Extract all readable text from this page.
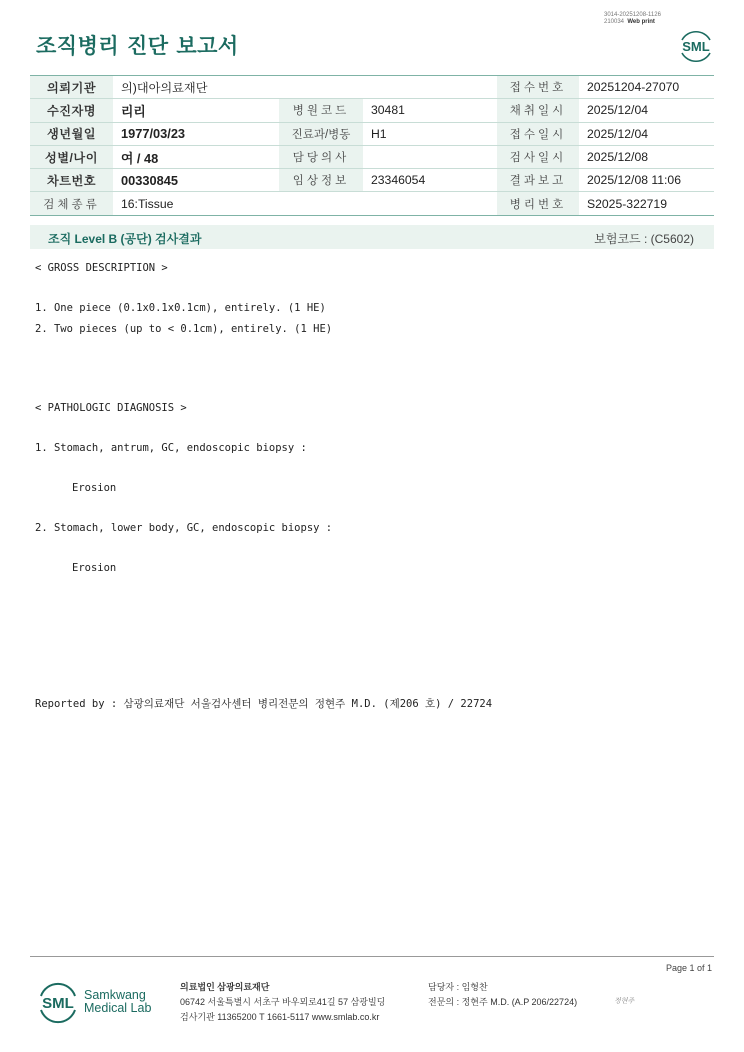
3014-20251208-1126
210034 Web print
조직병리 진단 보고서	SML
의뢰기관	의)대아의료재단			접수번호	20251204-27070
수진자명	리리	병원코드	30481	채취일시	2025/12/04
생년월일	1977/03/23	진료과/병동	H1	접수일시	2025/12/04
성별/나이	여 / 48	담당의사		검사일시	2025/12/08
차트번호	00330845	임상정보	23346054	결과보고	2025/12/08 11:06
검체종류	16:Tissue			병리번호	S2025-322719
조직 Level B (공단) 검사결과	보험코드 : (C5602)
< GROSS DESCRIPTION >
1. One piece (0.1x0.1x0.1cm), entirely. (1 HE)
2. Two pieces (up to < 0.1cm), entirely. (1 HE)
< PATHOLOGIC DIAGNOSIS >
1. Stomach, antrum, GC, endoscopic biopsy :
Erosion
2. Stomach, lower body, GC, endoscopic biopsy :
Erosion
Reported by : 삼광의료재단 서울검사센터 병리전문의 정현주 M.D. (제206 호) / 22724
Page 1 of 1
SML Samkwang
Medical Lab
의료법인 삼광의료재단
06742 서울특별시 서초구 바우뫼로41길 57 삼광빌딩
검사기관 11365200 T 1661-5117 www.smlab.co.kr
담당자 : 임형찬
전문의 : 정현주 M.D. (A.P 206/22724)	정현주
